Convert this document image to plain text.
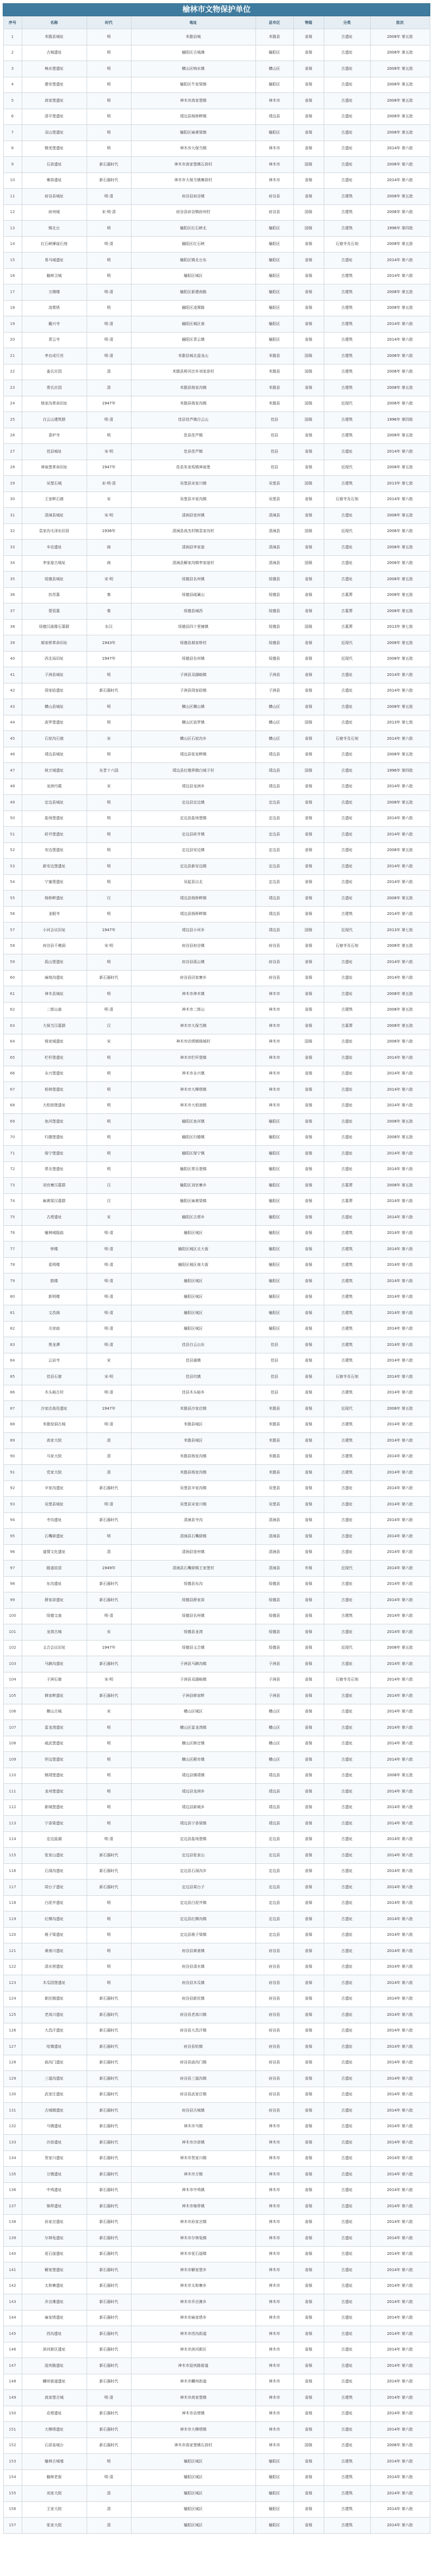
榆林市文物保护单位
序号	名称	时代	地址	县市区	等级	分类	批次
1	米脂县城址	明	米脂县城	米脂县	省保	古遗址	2008年 第五批
2	古城遗址	明	榆阳区古城滩	榆阳区	省保	古遗址	2008年 第五批
3	响水堡遗址	明	横山区响水镇	横山区	省保	古遗址	2008年 第五批
4	建安堡遗址	明	榆阳区牛家梁镇	榆阳区	省保	古遗址	2008年 第五批
5	高家堡遗址	明	神木市高家堡镇	神木市	省保	古遗址	2008年 第五批
6	清平堡遗址	明	靖边县杨桥畔镇	靖边县	省保	古遗址	2008年 第五批
7	双山堡遗址	明	榆阳区麻黄梁镇	榆阳区	省保	古遗址	2008年 第五批
8	镇羌堡遗址	明	神木市大保当镇	神木市	省保	古遗址	2014年 第六批
9	石峁遗址	新石器时代	神木市高家堡镇石峁村	神木市	国保	古遗址	2006年 第六批
10	寨峁遗址	新石器时代	神木市大保当镇寨峁村	神木市	省保	古遗址	2014年 第六批
11	府谷县城址	明·清	府谷县府谷镇	府谷县	省保	古建筑	2008年 第五批
12	府州城	宋·明·清	府谷县府谷镇府州村	府谷县	国保	古建筑	2006年 第六批
13	镇北台	明	榆阳区红石峡北	榆阳区	国保	古建筑	1996年 第四批
14	红石峡摩崖石刻	明·清	榆阳区红石峡	榆阳区	省保	石窟寺及石刻	2008年 第五批
15	易马城遗址	明	榆阳区镇北台东	榆阳区	省保	古遗址	2014年 第六批
16	榆林卫城	明	榆阳区城区	榆阳区	省保	古建筑	2014年 第六批
17	万佛楼	明·清	榆阳区新建南路	榆阳区	省保	古建筑	2008年 第五批
18	凌霄塔	明	榆阳区凌霄路	榆阳区	省保	古建筑	2008年 第五批
19	戴兴寺	明·清	榆阳区城区南	榆阳区	省保	古建筑	2014年 第六批
20	青云寺	明·清	榆阳区青云镇	榆阳区	省保	古建筑	2014年 第六批
21	李自成行宫	明·清	米脂县城北盘龙山	米脂县	国保	古建筑	2006年 第六批
22	姜氏庄园	清	米脂县桥河岔乡刘家峁村	米脂县	国保	古建筑	2006年 第六批
23	常氏庄园	清	米脂县杨家沟镇	米脂县	省保	古建筑	2008年 第五批
24	杨家沟革命旧址	1947年	米脂县杨家沟镇	米脂县	国保	近现代	2006年 第六批
25	白云山建筑群	明·清	佳县佳芦镇白云山	佳县	国保	古建筑	1996年 第四批
26	香炉寺	明	佳县佳芦镇	佳县	省保	古建筑	2008年 第五批
27	佳县城址	宋·明	佳县佳芦镇	佳县	省保	古遗址	2014年 第六批
28	神泉堡革命旧址	1947年	佳县朱家坬镇神泉堡	佳县	省保	近现代	2008年 第五批
29	吴堡石城	宋·明·清	吴堡县宋家川镇	吴堡县	国保	古建筑	2013年 第七批
30	王家畔石窟	宋	吴堡县辛家沟镇	吴堡县	省保	石窟寺及石刻	2014年 第六批
31	清涧县城址	宋·明	清涧县宽州镇	清涧县	省保	古遗址	2008年 第五批
32	袁家沟毛泽东旧居	1936年	清涧县高杰村镇袁家沟村	清涧县	国保	近现代	2006年 第六批
33	辛店遗址	商	清涧县李家崖	清涧县	省保	古遗址	2008年 第五批
34	李家崖古城址	商	清涧县解家沟镇李家崖村	清涧县	国保	古遗址	2006年 第六批
35	绥德县城址	宋·明	绥德县名州镇	绥德县	省保	古遗址	2008年 第五批
36	扶苏墓	秦	绥德县疏属山	绥德县	省保	古墓葬	2008年 第五批
37	蒙恬墓	秦	绥德县城西	绥德县	省保	古墓葬	2008年 第五批
38	绥德汉画像石墓群	东汉	绥德县四十里铺镇	绥德县	国保	古墓葬	2013年 第七批
39	郝家桥革命旧址	1943年	绥德县郝家桥村	绥德县	省保	近现代	2008年 第五批
40	西北局旧址	1947年	绥德县名州镇	绥德县	省保	近现代	2008年 第五批
41	子洲县城址	明	子洲县双湖峪镇	子洲县	省保	古遗址	2014年 第六批
42	周家硷遗址	新石器时代	子洲县周家硷镇	子洲县	省保	古遗址	2014年 第六批
43	横山县城址	明	横山区横山镇	横山区	省保	古遗址	2008年 第五批
44	波罗堡遗址	明	横山区波罗镇	横山区	国保	古遗址	2013年 第七批
45	石窑沟石窟	宋	横山区石窑沟乡	横山区	省保	石窟寺及石刻	2014年 第六批
46	靖边县城址	明	靖边县张家畔镇	靖边县	省保	古遗址	2008年 第五批
47	统万城遗址	东晋十六国	靖边县红墩界镇白城子村	靖边县	国保	古遗址	1996年 第四批
48	龙洲丹霞	宋	靖边县龙洲乡	靖边县	省保	古遗址	2014年 第六批
49	定边县城址	明	定边县定边镇	定边县	省保	古遗址	2008年 第五批
50	盐场堡遗址	明	定边县盐场堡镇	定边县	省保	古遗址	2014年 第六批
51	砖井堡遗址	明	定边县砖井镇	定边县	省保	古遗址	2014年 第六批
52	安边堡遗址	明	定边县安边镇	定边县	省保	古遗址	2008年 第五批
53	新安边堡遗址	明	定边县新安边镇	定边县	省保	古遗址	2014年 第六批
54	宁塞堡遗址	明	吴起县以北	定边县	省保	古遗址	2014年 第六批
55	杨桥畔遗址	汉	靖边县杨桥畔镇	靖边县	省保	古遗址	2008年 第五批
56	龙眼寺	明	靖边县杨桥畔镇	靖边县	省保	古建筑	2014年 第六批
57	小河会议旧址	1947年	靖边县小河乡	靖边县	国保	近现代	2013年 第七批
58	府谷县千佛洞	宋·明	府谷县府谷镇	府谷县	省保	石窟寺及石刻	2008年 第五批
59	孤山堡遗址	明	府谷县孤山镇	府谷县	省保	古遗址	2014年 第六批
60	麻地沟遗址	新石器时代	府谷县田家寨乡	府谷县	省保	古遗址	2014年 第六批
61	神木县城址	明	神木市神木镇	神木市	省保	古遗址	2008年 第五批
62	二郎山庙	明·清	神木市二郎山	神木市	省保	古建筑	2008年 第五批
63	大保当汉墓群	汉	神木市大保当镇	神木市	省保	古墓葬	2008年 第五批
64	杨家城遗址	宋	神木市店塔镇杨城村	神木市	国保	古遗址	2006年 第六批
65	栏杆堡遗址	明	神木市栏杆堡镇	神木市	省保	古遗址	2014年 第六批
66	永兴堡遗址	明	神木市永兴镇	神木市	省保	古遗址	2014年 第六批
67	柏林堡遗址	明	神木市大柳塔镇	神木市	省保	古遗址	2014年 第六批
68	大柏油堡遗址	明	神木市大柏油镇	神木市	省保	古遗址	2014年 第六批
69	鱼河堡遗址	明	榆阳区鱼河镇	榆阳区	省保	古遗址	2008年 第五批
70	归德堡遗址	明	榆阳区归德镇	榆阳区	省保	古遗址	2008年 第五批
71	保宁堡遗址	明	榆阳区保宁镇	榆阳区	省保	古遗址	2014年 第六批
72	常乐堡遗址	明	榆阳区常乐堡镇	榆阳区	省保	古遗址	2014年 第六批
73	刘官寨汉墓群	汉	榆阳区刘官寨乡	榆阳区	省保	古墓葬	2008年 第五批
74	麻黄梁汉墓群	汉	榆阳区麻黄梁镇	榆阳区	省保	古墓葬	2014年 第六批
75	古塔遗址	宋	榆阳区古塔乡	榆阳区	省保	古遗址	2014年 第六批
76	榆林城隍庙	明·清	榆阳区城区	榆阳区	省保	古建筑	2014年 第六批
77	钟楼	明·清	榆阳区城区北大街	榆阳区	省保	古建筑	2014年 第六批
78	星明楼	明·清	榆阳区城区南大街	榆阳区	省保	古建筑	2014年 第六批
79	鼓楼	明·清	榆阳区城区	榆阳区	省保	古建筑	2014年 第六批
80	新明楼	明·清	榆阳区城区	榆阳区	省保	古建筑	2014年 第六批
81	文昌阁	明·清	榆阳区城区	榆阳区	省保	古建筑	2014年 第六批
82	关帝庙	明·清	榆阳区城区	榆阳区	省保	古建筑	2014年 第六批
83	黑龙潭	明·清	佳县白云山东	佳县	省保	古建筑	2014年 第六批
84	云岩寺	宋	佳县通镇	佳县	省保	古建筑	2014年 第六批
85	佳县石窟	宋·明	佳县坑镇	佳县	省保	石窟寺及石刻	2014年 第六批
86	木头峪古村	明·清	佳县木头峪乡	佳县	省保	古建筑	2014年 第六批
87	沙家店战役遗址	1947年	米脂县沙家店镇	米脂县	省保	近现代	2008年 第五批
88	米脂窑洞古城	明·清	米脂县城区	米脂县	省保	古建筑	2014年 第六批
89	高家大院	清	米脂县城区	米脂县	省保	古建筑	2014年 第六批
90	马家大院	清	米脂县杨家沟镇	米脂县	省保	古建筑	2014年 第六批
91	党家大院	清	米脂县杨家沟镇	米脂县	省保	古建筑	2014年 第六批
92	辛家沟遗址	新石器时代	吴堡县辛家沟镇	吴堡县	省保	古遗址	2014年 第六批
93	吴堡县城址	明·清	吴堡县宋家川镇	吴堡县	省保	古遗址	2014年 第六批
94	寺沟遗址	新石器时代	清涧县寺沟	清涧县	省保	古遗址	2014年 第六批
95	石嘴驿遗址	明	清涧县石嘴驿镇	清涧县	省保	古遗址	2014年 第六批
96	道情文化遗址	清	清涧县宽州镇	清涧县	省保	古遗址	2014年 第六批
97	路遥故居	1949年	清涧县石嘴驿镇王家堡村	清涧县	市保	近现代	2014年 第六批
98	东沟遗址	新石器时代	绥德县东沟	绥德县	省保	古遗址	2014年 第六批
99	薛家峁遗址	新石器时代	绥德县薛家峁	绥德县	省保	古遗址	2014年 第六批
100	绥德文庙	明·清	绥德县名州镇	绥德县	省保	古建筑	2014年 第六批
101	龙湾古城	宋	绥德县龙湾	绥德县	省保	古遗址	2014年 第六批
102	义合会议旧址	1947年	绥德县义合镇	绥德县	省保	近现代	2008年 第五批
103	马蹄沟遗址	新石器时代	子洲县马蹄沟镇	子洲县	省保	古遗址	2014年 第六批
104	子洲石窟	宋·明	子洲县双湖峪镇	子洲县	省保	石窟寺及石刻	2014年 第六批
105	韩家畔遗址	新石器时代	子洲县韩家畔	子洲县	省保	古遗址	2014年 第六批
106	横山古城	宋	横山区城区	横山区	省保	古遗址	2014年 第六批
107	雷龙湾遗址	明	横山区雷龙湾镇	横山区	省保	古遗址	2014年 第六批
108	威武堡遗址	明	横山区韩岔镇	横山区	省保	古遗址	2014年 第六批
109	怀远堡遗址	明	横山区殿市镇	横山区	省保	古遗址	2014年 第六批
110	镇靖堡遗址	明	靖边县镇靖镇	靖边县	省保	古遗址	2008年 第五批
111	龙州堡遗址	明	靖边县龙洲乡	靖边县	省保	古遗址	2014年 第六批
112	新城堡遗址	明	靖边县新城乡	靖边县	省保	古遗址	2014年 第六批
113	宁条梁遗址	明	靖边县宁条梁镇	靖边县	省保	古遗址	2014年 第六批
114	定边盐湖	明·清	定边县盐场堡镇	定边县	省保	古遗址	2014年 第六批
115	张家山遗址	新石器时代	定边县张家山	定边县	省保	古遗址	2014年 第六批
116	石洞沟遗址	新石器时代	定边县石洞沟乡	定边县	省保	古遗址	2014年 第六批
117	周台子遗址	新石器时代	定边县周台子	定边县	省保	古遗址	2014年 第六批
118	白泥井遗址	明	定边县白泥井镇	定边县	省保	古遗址	2014年 第六批
119	红柳沟遗址	明	定边县红柳沟镇	定边县	省保	古遗址	2014年 第六批
120	堆子梁遗址	明	定边县堆子梁镇	定边县	省保	古遗址	2014年 第六批
121	黄甫川遗址	明	府谷县黄甫镇	府谷县	省保	古遗址	2014年 第六批
122	清水营遗址	明	府谷县清水镇	府谷县	省保	古遗址	2014年 第六批
123	木瓜园堡遗址	明	府谷县木瓜镇	府谷县	省保	古遗址	2014年 第六批
124	新民镇遗址	新石器时代	府谷县新民镇	府谷县	省保	古遗址	2014年 第六批
125	老高川遗址	新石器时代	府谷县老高川镇	府谷县	省保	古遗址	2014年 第六批
126	大昌汗遗址	新石器时代	府谷县大昌汗镇	府谷县	省保	古遗址	2014年 第六批
127	哈镇遗址	新石器时代	府谷县哈镇	府谷县	省保	古遗址	2014年 第六批
128	庙沟门遗址	新石器时代	府谷县庙沟门镇	府谷县	省保	古遗址	2014年 第六批
129	三道沟遗址	新石器时代	府谷县三道沟镇	府谷县	省保	古遗址	2014年 第六批
130	武家庄遗址	新石器时代	府谷县武家庄镇	府谷县	省保	古遗址	2014年 第六批
131	古城镇遗址	新石器时代	府谷县古城镇	府谷县	省保	古遗址	2014年 第六批
132	马镇遗址	新石器时代	神木市马镇	神木市	省保	古遗址	2014年 第六批
133	沙峁遗址	新石器时代	神木市沙峁镇	神木市	省保	古遗址	2014年 第六批
134	贺家川遗址	新石器时代	神木市贺家川镇	神木市	省保	古遗址	2014年 第六批
135	万镇遗址	新石器时代	神木市万镇	神木市	省保	古遗址	2014年 第六批
136	中鸡遗址	新石器时代	神木市中鸡镇	神木市	省保	古遗址	2014年 第六批
137	锦界遗址	新石器时代	神木市锦界镇	神木市	省保	古遗址	2014年 第六批
138	孙家岔遗址	新石器时代	神木市孙家岔镇	神木市	省保	古遗址	2014年 第六批
139	尔林兔遗址	新石器时代	神木市尔林兔镇	神木市	省保	古遗址	2014年 第六批
140	花石崖遗址	新石器时代	神木市花石崖镇	神木市	省保	古遗址	2014年 第六批
141	解家堡遗址	新石器时代	神木市解家堡乡	神木市	省保	古遗址	2014年 第六批
142	太和寨遗址	新石器时代	神木市太和寨乡	神木市	省保	古遗址	2014年 第六批
143	乔岔滩遗址	新石器时代	神木市乔岔滩乡	神木市	省保	古遗址	2014年 第六批
144	麻家塔遗址	新石器时代	神木市麻家塔乡	神木市	省保	古遗址	2014年 第六批
145	西沟遗址	新石器时代	神木市西沟街道	神木市	省保	古遗址	2014年 第六批
146	滨河新区遗址	新石器时代	神木市滨河新区	神木市	省保	古遗址	2014年 第六批
147	迎宾路遗址	新石器时代	神木市迎宾路街道	神木市	省保	古遗址	2014年 第六批
148	麟州街道遗址	新石器时代	神木市麟州街道	神木市	省保	古遗址	2014年 第六批
149	高家堡古城	明·清	神木市高家堡镇	神木市	省保	古建筑	2014年 第六批
150	店塔遗址	新石器时代	神木市店塔镇	神木市	省保	古遗址	2014年 第六批
151	大柳塔遗址	新石器时代	神木市大柳塔镇	神木市	省保	古遗址	2014年 第六批
152	石峁皇城台	新石器时代	神木市高家堡镇石峁村	神木市	国保	古遗址	2006年 第六批
153	榆林古城墙	明	榆阳区城区	榆阳区	省保	古建筑	2014年 第六批
154	榆林老街	明·清	榆阳区城区	榆阳区	省保	古建筑	2014年 第六批
155	刘家大院	清	榆阳区城区	榆阳区	省保	古建筑	2014年 第六批
156	王家大院	清	榆阳区城区	榆阳区	省保	古建筑	2014年 第六批
157	张家大院	清	榆阳区城区	榆阳区	省保	古建筑	2014年 第六批
